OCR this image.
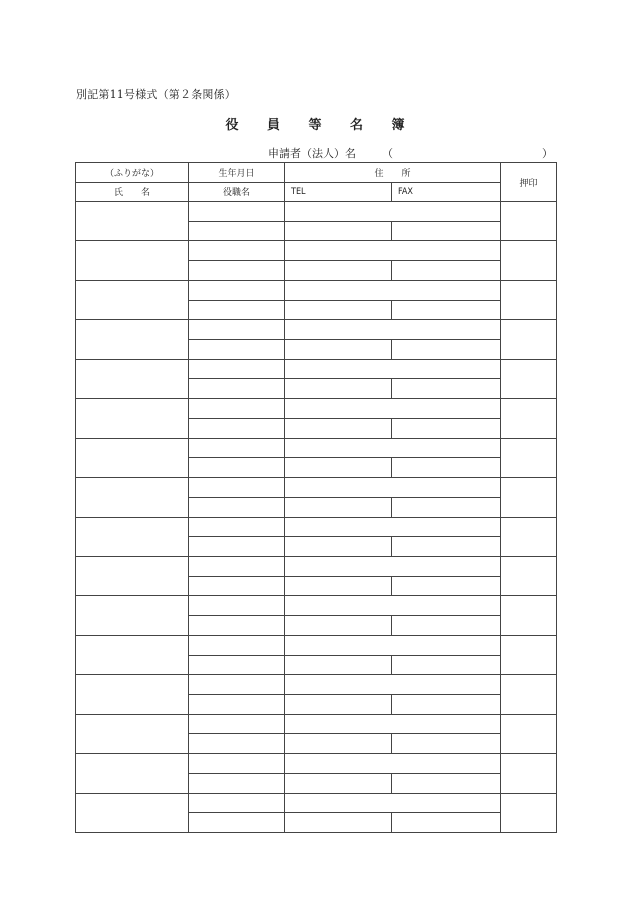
別記第11号様式（第２条関係）
役 員 等 名 簿
申請者（法人）名 （	）
（ふりがな）	生年月日	住　　所		押印
氏　　名	役職名	TEL	FAX	
